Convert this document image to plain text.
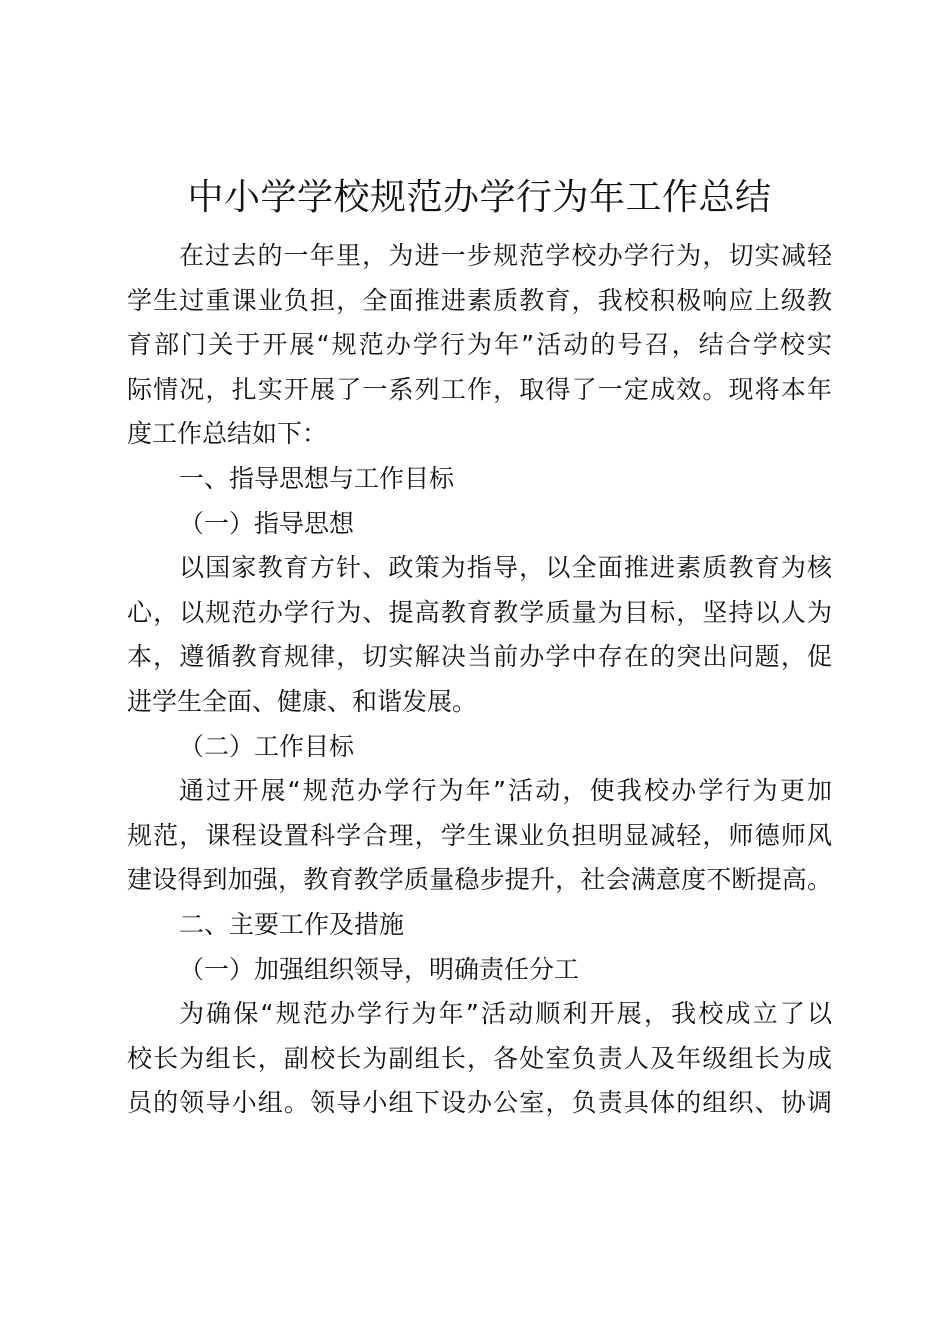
中小学学校规范办学行为年工作总结
在过去的一年里，为进一步规范学校办学行为，切实减轻
学生过重课业负担，全面推进素质教育，我校积极响应上级教
育部门关于开展“规范办学行为年”活动的号召，结合学校实
际情况，扎实开展了一系列工作，取得了一定成效。现将本年
度工作总结如下：
一、指导思想与工作目标
（一）指导思想
以国家教育方针、政策为指导，以全面推进素质教育为核
心，以规范办学行为、提高教育教学质量为目标，坚持以人为
本，遵循教育规律，切实解决当前办学中存在的突出问题，促
进学生全面、健康、和谐发展。
（二）工作目标
通过开展“规范办学行为年”活动，使我校办学行为更加
规范，课程设置科学合理，学生课业负担明显减轻，师德师风
建设得到加强，教育教学质量稳步提升，社会满意度不断提高。
二、主要工作及措施
（一）加强组织领导，明确责任分工
为确保“规范办学行为年”活动顺利开展，我校成立了以
校长为组长，副校长为副组长，各处室负责人及年级组长为成
员的领导小组。领导小组下设办公室，负责具体的组织、协调
